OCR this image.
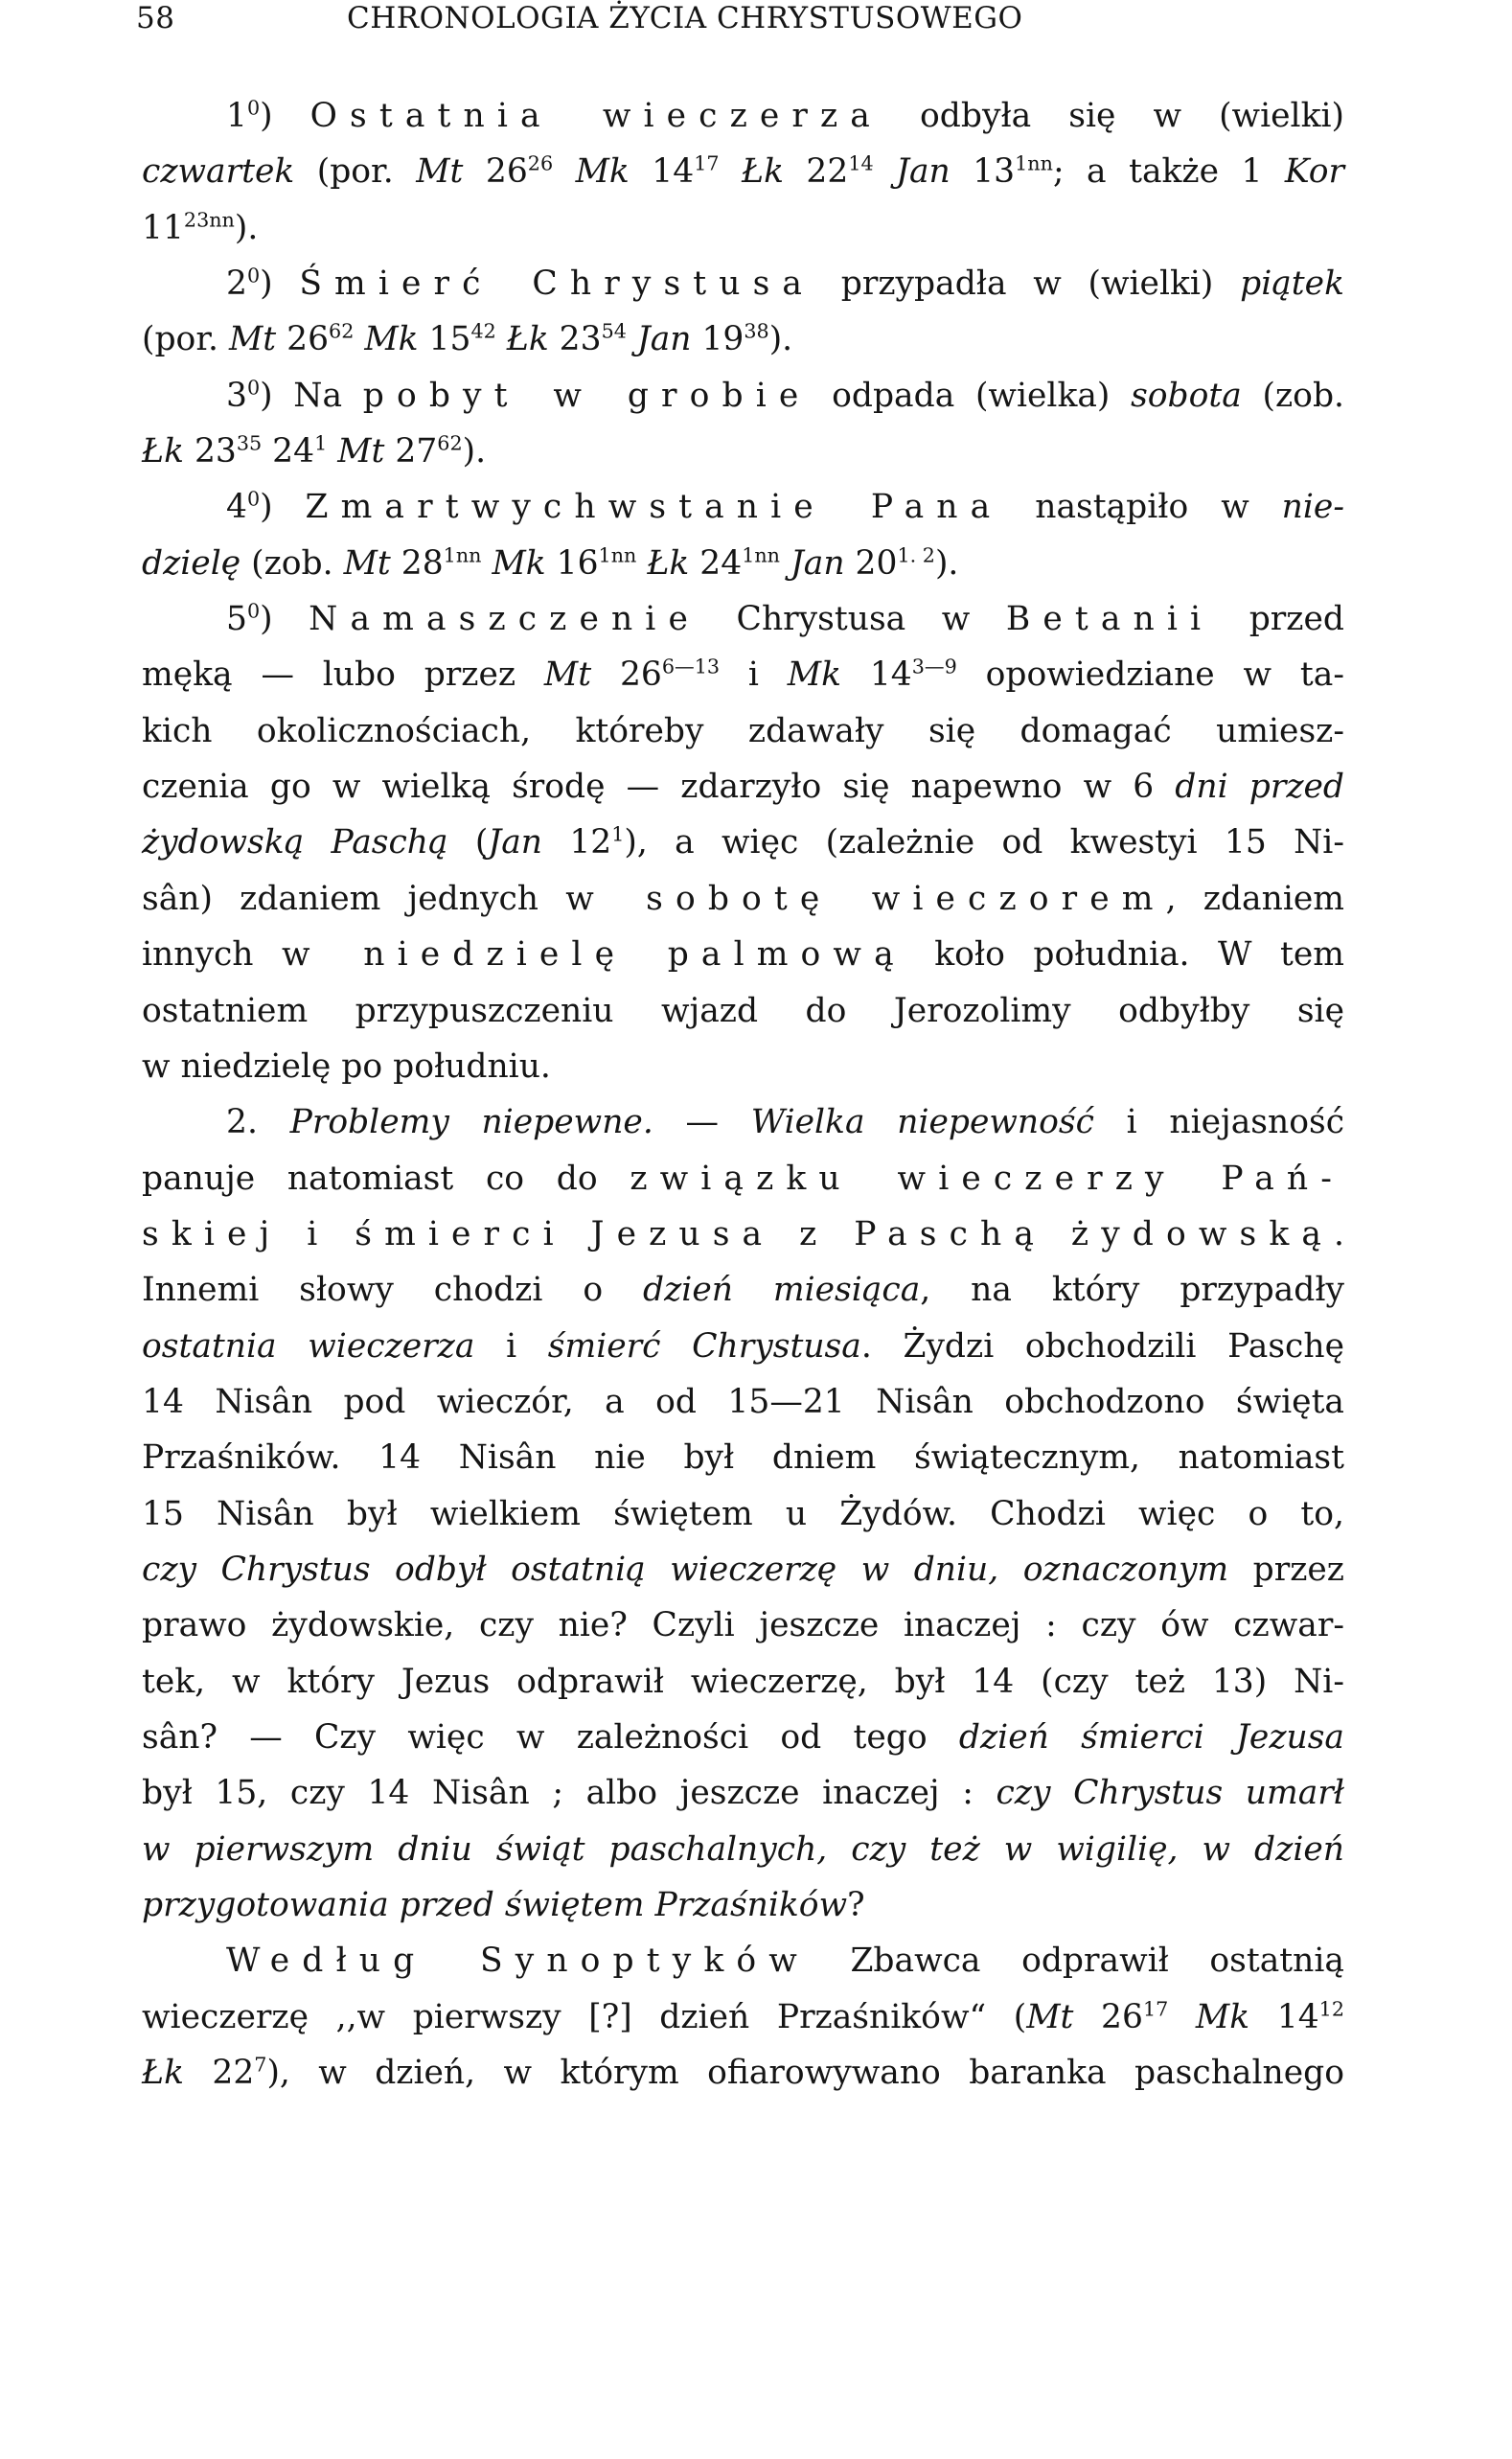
58	CHRONOLOGIA ŻYCIA CHRYSTUSOWEGO
$1^0$) Ostatnia wieczerza odbyła się w (wielki)
czwartek (por. Mt $26^{26}$ Mk $14^{17}$ Łk $22^{14}$ Jan $13^{1nn}$; a także 1 Kor
$11^{23nn}$).
$2^0$) Śmierć Chrystusa przypadła w (wielki) piątek
(por. Mt $26^{62}$ Mk $15^{42}$ Łk $23^{54}$ Jan $19^{38}$).
$3^0$) Na pobyt w grobie odpada (wielka) sobota (zob.
Łk $23^{35}$ $24^1$ Mt $27^{62}$).
$4^0$) Zmartwychwstanie Pana nastąpiło w nie-
dzielę (zob. Mt $28^{1nn}$ Mk $16^{1nn}$ Łk $24^{1nn}$ Jan $20^{1. 2}$).
$5^0$) Namaszczenie Chrystusa w Betanii przed
męką — lubo przez Mt $26^{6—13}$ i Mk $14^{3—9}$ opowiedziane w ta-
kich okolicznościach, któreby zdawały się domagać umiesz-
czenia go w wielką środę — zdarzyło się napewno w 6 dni przed
żydowską Paschą (Jan $12^1$), a więc (zależnie od kwestyi 15 Ni-
sân) zdaniem jednych w sobotę wieczorem, zdaniem
innych w niedzielę palmową koło południa. W tem
ostatniem przypuszczeniu wjazd do Jerozolimy odbyłby się
w niedzielę po południu.
2. Problemy niepewne. — Wielka niepewność i niejasność
panuje natomiast co do związku wieczerzy Pań-
skiej i śmierci Jezusa z Paschą żydowską.
Innemi słowy chodzi o dzień miesiąca, na który przypadły
ostatnia wieczerza i śmierć Chrystusa. Żydzi obchodzili Paschę
14 Nisân pod wieczór, a od 15—21 Nisân obchodzono święta
Przaśników. 14 Nisân nie był dniem świątecznym, natomiast
15 Nisân był wielkiem świętem u Żydów. Chodzi więc o to,
czy Chrystus odbył ostatnią wieczerzę w dniu, oznaczonym przez
prawo żydowskie, czy nie? Czyli jeszcze inaczej : czy ów czwar-
tek, w który Jezus odprawił wieczerzę, był 14 (czy też 13) Ni-
sân? — Czy więc w zależności od tego dzień śmierci Jezusa
był 15, czy 14 Nisân ; albo jeszcze inaczej : czy Chrystus umarł
w pierwszym dniu świąt paschalnych, czy też w wigilię, w dzień
przygotowania przed świętem Przaśników?
Według Synoptyków Zbawca odprawił ostatnią
wieczerzę ,,w pierwszy [?] dzień Przaśników“ (Mt $26^{17}$ Mk $14^{12}$
Łk $22^7$), w dzień, w którym ofiarowywano baranka paschalnego
